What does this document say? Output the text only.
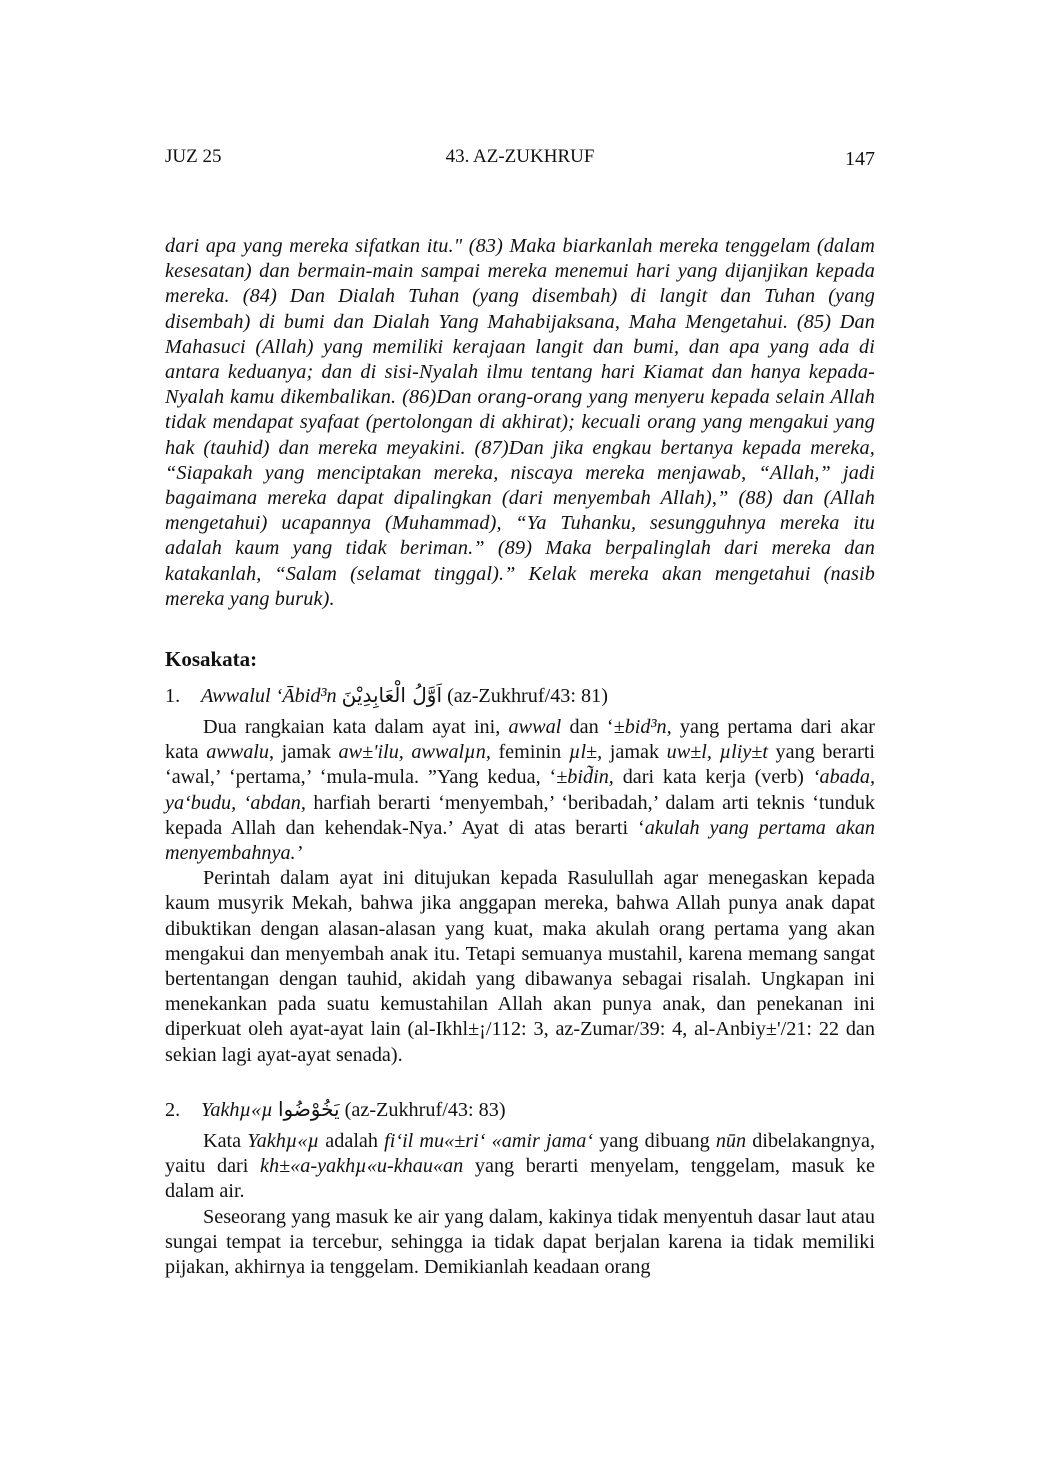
JUZ 25	43. AZ-ZUKHRUF	147

dari apa yang mereka sifatkan itu." (83) Maka biarkanlah mereka tenggelam (dalam kesesatan) dan bermain-main sampai mereka menemui hari yang dijanjikan kepada mereka. (84) Dan Dialah Tuhan (yang disembah) di langit dan Tuhan (yang disembah) di bumi dan Dialah Yang Mahabijaksana, Maha Mengetahui. (85) Dan Mahasuci (Allah) yang memiliki kerajaan langit dan bumi, dan apa yang ada di antara keduanya; dan di sisi-Nyalah ilmu tentang hari Kiamat dan hanya kepada-Nyalah kamu dikembalikan. (86)Dan orang-orang yang menyeru kepada selain Allah tidak mendapat syafaat (pertolongan di akhirat); kecuali orang yang mengakui yang hak (tauhid) dan mereka meyakini. (87)Dan jika engkau bertanya kepada mereka, “Siapakah yang menciptakan mereka, niscaya mereka menjawab, “Allah,” jadi bagaimana mereka dapat dipalingkan (dari menyembah Allah),” (88) dan (Allah mengetahui) ucapannya (Muhammad), “Ya Tuhanku, sesungguhnya mereka itu adalah kaum yang tidak beriman.” (89) Maka berpalinglah dari mereka dan katakanlah, “Salam (selamat tinggal).” Kelak mereka akan mengetahui (nasib mereka yang buruk).

Kosakata:
1. Awwalul ‘Ābid³n اَوَّلُ الْعَابِدِيْنَ (az-Zukhruf/43: 81)

Dua rangkaian kata dalam ayat ini, awwal dan ‘±bid³n, yang pertama dari akar kata awwalu, jamak aw±'ilu, awwalµn, feminin µl±, jamak uw±l, µliy±t yang berarti ‘awal,’ ‘pertama,’ ‘mula-mula. ”Yang kedua, ‘±bid̃in, dari kata kerja (verb) ‘abada, ya‘budu, ‘abdan, harfiah berarti ‘menyembah,’ ‘beribadah,’ dalam arti teknis ‘tunduk kepada Allah dan kehendak-Nya.’ Ayat di atas berarti ‘akulah yang pertama akan menyembahnya.’

Perintah dalam ayat ini ditujukan kepada Rasulullah agar menegaskan kepada kaum musyrik Mekah, bahwa jika anggapan mereka, bahwa Allah punya anak dapat dibuktikan dengan alasan-alasan yang kuat, maka akulah orang pertama yang akan mengakui dan menyembah anak itu. Tetapi semuanya mustahil, karena memang sangat bertentangan dengan tauhid, akidah yang dibawanya sebagai risalah. Ungkapan ini menekankan pada suatu kemustahilan Allah akan punya anak, dan penekanan ini diperkuat oleh ayat-ayat lain (al-Ikhl±¡/112: 3, az-Zumar/39: 4, al-Anbiy±'/21: 22 dan sekian lagi ayat-ayat senada).

2. Yakhµ«µ يَخُوْضُوا (az-Zukhruf/43: 83)

Kata Yakhµ«µ adalah fi‘il mu«±ri‘ «amir jama‘ yang dibuang nūn dibelakangnya, yaitu dari kh±«a-yakhµ«u-khau«an yang berarti menyelam, tenggelam, masuk ke dalam air.

Seseorang yang masuk ke air yang dalam, kakinya tidak menyentuh dasar laut atau sungai tempat ia tercebur, sehingga ia tidak dapat berjalan karena ia tidak memiliki pijakan, akhirnya ia tenggelam. Demikianlah keadaan orang
